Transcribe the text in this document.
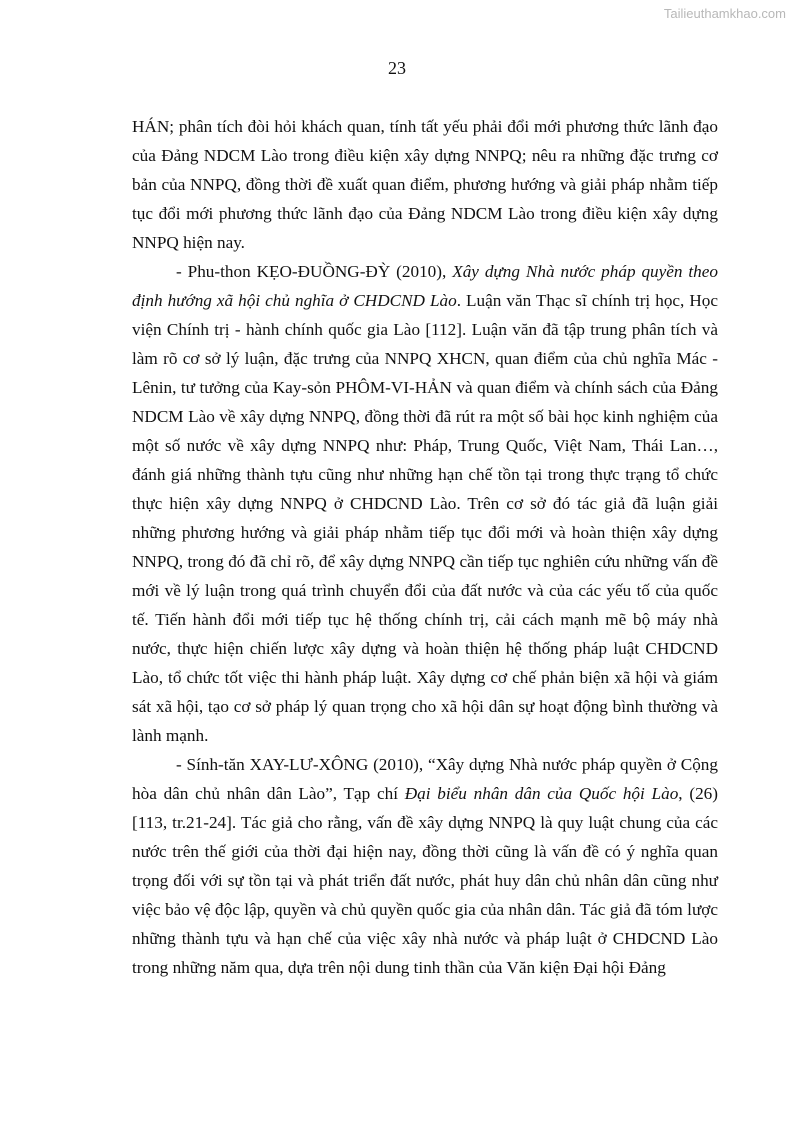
Tailieuthamkhao.com
23

HÁN; phân tích đòi hỏi khách quan, tính tất yếu phải đổi mới phương thức lãnh đạo của Đảng NDCM Lào trong điều kiện xây dựng NNPQ; nêu ra những đặc trưng cơ bản của NNPQ, đồng thời đề xuất quan điểm, phương hướng và giải pháp nhằm tiếp tục đổi mới phương thức lãnh đạo của Đảng NDCM Lào trong điều kiện xây dựng NNPQ hiện nay.

- Phu-thon KẸO-ĐUỒNG-ĐỲ (2010), Xây dựng Nhà nước pháp quyền theo định hướng xã hội chủ nghĩa ở CHDCND Lào. Luận văn Thạc sĩ chính trị học, Học viện Chính trị - hành chính quốc gia Lào [112]. Luận văn đã tập trung phân tích và làm rõ cơ sở lý luận, đặc trưng của NNPQ XHCN, quan điểm của chủ nghĩa Mác - Lênin, tư tưởng của Kay-sỏn PHÔM-VI-HẢN và quan điểm và chính sách của Đảng NDCM Lào về xây dựng NNPQ, đồng thời đã rút ra một số bài học kinh nghiệm của một số nước về xây dựng NNPQ như: Pháp, Trung Quốc, Việt Nam, Thái Lan…, đánh giá những thành tựu cũng như những hạn chế tồn tại trong thực trạng tổ chức thực hiện xây dựng NNPQ ở CHDCND Lào. Trên cơ sở đó tác giả đã luận giải những phương hướng và giải pháp nhằm tiếp tục đổi mới và hoàn thiện xây dựng NNPQ, trong đó đã chỉ rõ, để xây dựng NNPQ cần tiếp tục nghiên cứu những vấn đề mới về lý luận trong quá trình chuyển đổi của đất nước và của các yếu tố của quốc tế. Tiến hành đổi mới tiếp tục hệ thống chính trị, cải cách mạnh mẽ bộ máy nhà nước, thực hiện chiến lược xây dựng và hoàn thiện hệ thống pháp luật CHDCND Lào, tổ chức tốt việc thi hành pháp luật. Xây dựng cơ chế phản biện xã hội và giám sát xã hội, tạo cơ sở pháp lý quan trọng cho xã hội dân sự hoạt động bình thường và lành mạnh.

- Sính-tăn XAY-LƯ-XÔNG (2010), “Xây dựng Nhà nước pháp quyền ở Cộng hòa dân chủ nhân dân Lào”, Tạp chí Đại biểu nhân dân của Quốc hội Lào, (26) [113, tr.21-24]. Tác giả cho rằng, vấn đề xây dựng NNPQ là quy luật chung của các nước trên thế giới của thời đại hiện nay, đồng thời cũng là vấn đề có ý nghĩa quan trọng đối với sự tồn tại và phát triển đất nước, phát huy dân chủ nhân dân cũng như việc bảo vệ độc lập, quyền và chủ quyền quốc gia của nhân dân. Tác giả đã tóm lược những thành tựu và hạn chế của việc xây nhà nước và pháp luật ở CHDCND Lào trong những năm qua, dựa trên nội dung tinh thần của Văn kiện Đại hội Đảng
